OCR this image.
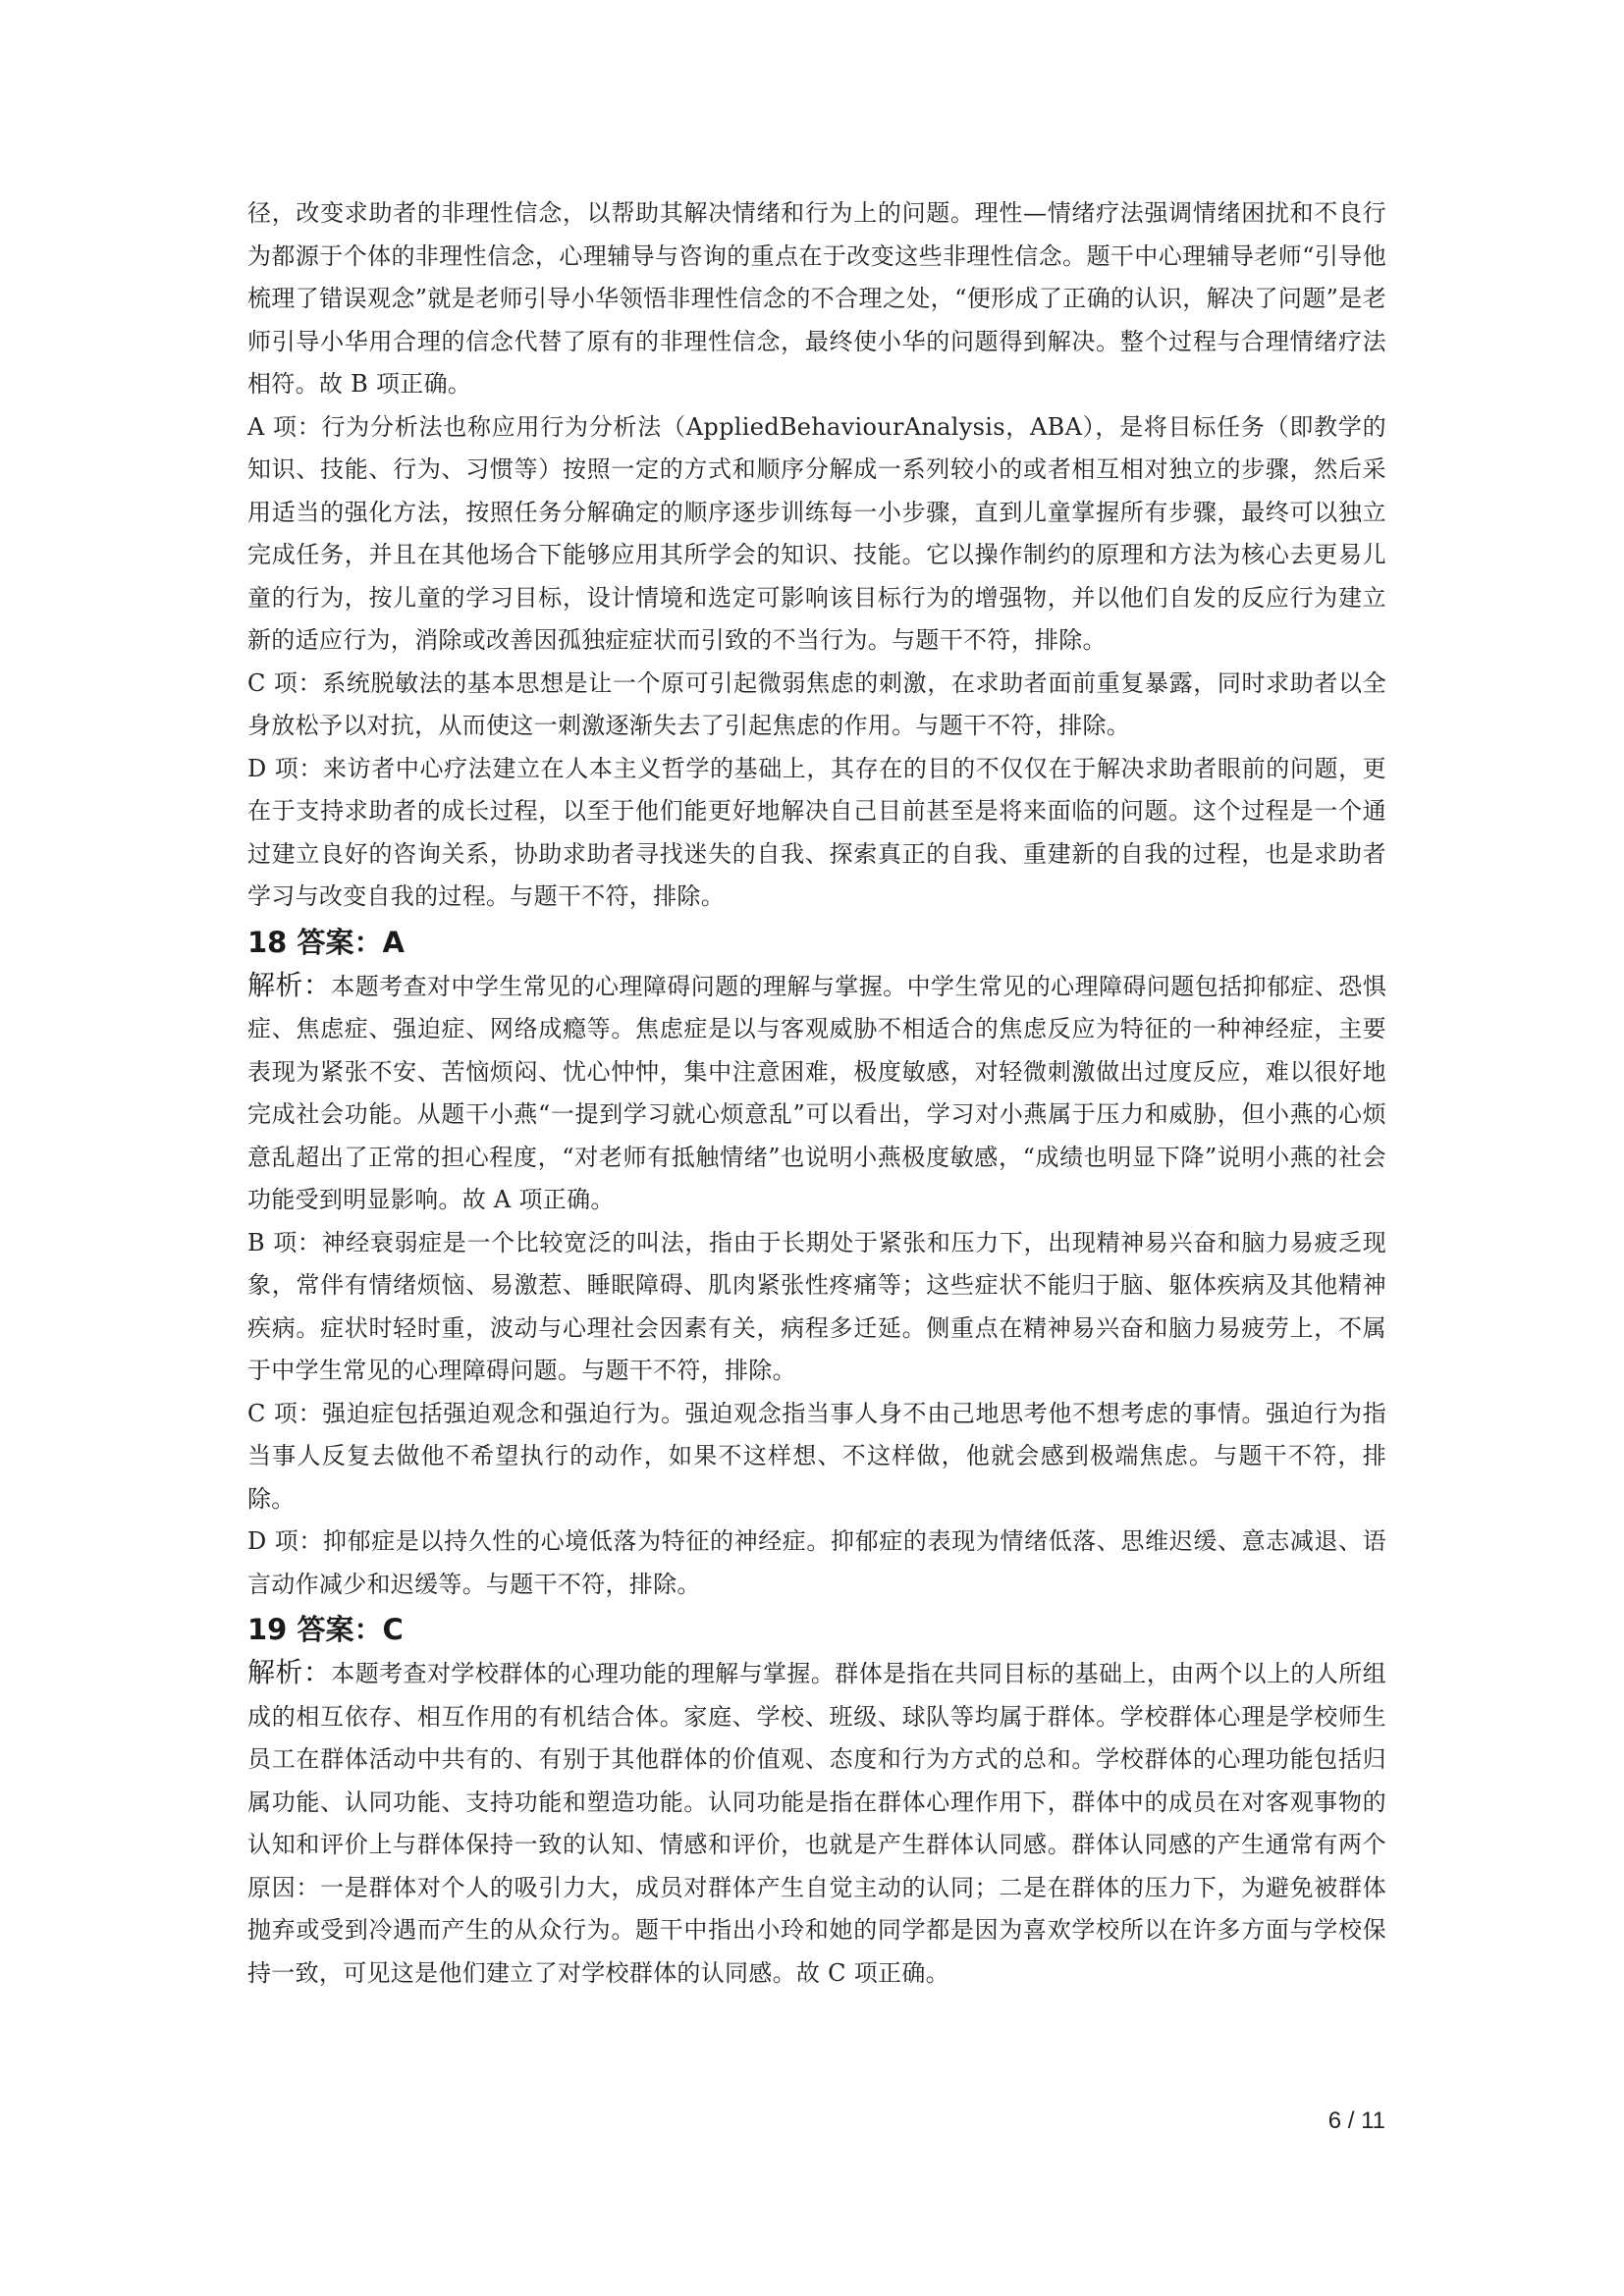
径，改变求助者的非理性信念，以帮助其解决情绪和行为上的问题。理性—情绪疗法强调情绪困扰和不良行为都源于个体的非理性信念，心理辅导与咨询的重点在于改变这些非理性信念。题干中心理辅导老师“引导他梳理了错误观念”就是老师引导小华领悟非理性信念的不合理之处，“便形成了正确的认识，解决了问题”是老师引导小华用合理的信念代替了原有的非理性信念，最终使小华的问题得到解决。整个过程与合理情绪疗法相符。故 B 项正确。

A 项：行为分析法也称应用行为分析法（AppliedBehaviourAnalysis，ABA），是将目标任务（即教学的知识、技能、行为、习惯等）按照一定的方式和顺序分解成一系列较小的或者相互相对独立的步骤，然后采用适当的强化方法，按照任务分解确定的顺序逐步训练每一小步骤，直到儿童掌握所有步骤，最终可以独立完成任务，并且在其他场合下能够应用其所学会的知识、技能。它以操作制约的原理和方法为核心去更易儿童的行为，按儿童的学习目标，设计情境和选定可影响该目标行为的增强物，并以他们自发的反应行为建立新的适应行为，消除或改善因孤独症症状而引致的不当行为。与题干不符，排除。

C 项：系统脱敏法的基本思想是让一个原可引起微弱焦虑的刺激，在求助者面前重复暴露，同时求助者以全身放松予以对抗，从而使这一刺激逐渐失去了引起焦虑的作用。与题干不符，排除。

D 项：来访者中心疗法建立在人本主义哲学的基础上，其存在的目的不仅仅在于解决求助者眼前的问题，更在于支持求助者的成长过程，以至于他们能更好地解决自己目前甚至是将来面临的问题。这个过程是一个通过建立良好的咨询关系，协助求助者寻找迷失的自我、探索真正的自我、重建新的自我的过程，也是求助者学习与改变自我的过程。与题干不符，排除。

18 答案：A

解析：本题考查对中学生常见的心理障碍问题的理解与掌握。中学生常见的心理障碍问题包括抑郁症、恐惧症、焦虑症、强迫症、网络成瘾等。焦虑症是以与客观威胁不相适合的焦虑反应为特征的一种神经症，主要表现为紧张不安、苦恼烦闷、忧心忡忡，集中注意困难，极度敏感，对轻微刺激做出过度反应，难以很好地完成社会功能。从题干小燕“一提到学习就心烦意乱”可以看出，学习对小燕属于压力和威胁，但小燕的心烦意乱超出了正常的担心程度，“对老师有抵触情绪”也说明小燕极度敏感，“成绩也明显下降”说明小燕的社会功能受到明显影响。故 A 项正确。

B 项：神经衰弱症是一个比较宽泛的叫法，指由于长期处于紧张和压力下，出现精神易兴奋和脑力易疲乏现象，常伴有情绪烦恼、易激惹、睡眠障碍、肌肉紧张性疼痛等；这些症状不能归于脑、躯体疾病及其他精神疾病。症状时轻时重，波动与心理社会因素有关，病程多迁延。侧重点在精神易兴奋和脑力易疲劳上，不属于中学生常见的心理障碍问题。与题干不符，排除。

C 项：强迫症包括强迫观念和强迫行为。强迫观念指当事人身不由己地思考他不想考虑的事情。强迫行为指当事人反复去做他不希望执行的动作，如果不这样想、不这样做，他就会感到极端焦虑。与题干不符，排除。

D 项：抑郁症是以持久性的心境低落为特征的神经症。抑郁症的表现为情绪低落、思维迟缓、意志减退、语言动作减少和迟缓等。与题干不符，排除。

19 答案：C

解析：本题考查对学校群体的心理功能的理解与掌握。群体是指在共同目标的基础上，由两个以上的人所组成的相互依存、相互作用的有机结合体。家庭、学校、班级、球队等均属于群体。学校群体心理是学校师生员工在群体活动中共有的、有别于其他群体的价值观、态度和行为方式的总和。学校群体的心理功能包括归属功能、认同功能、支持功能和塑造功能。认同功能是指在群体心理作用下，群体中的成员在对客观事物的认知和评价上与群体保持一致的认知、情感和评价，也就是产生群体认同感。群体认同感的产生通常有两个原因：一是群体对个人的吸引力大，成员对群体产生自觉主动的认同；二是在群体的压力下，为避免被群体抛弃或受到冷遇而产生的从众行为。题干中指出小玲和她的同学都是因为喜欢学校所以在许多方面与学校保持一致，可见这是他们建立了对学校群体的认同感。故 C 项正确。

6 / 11
